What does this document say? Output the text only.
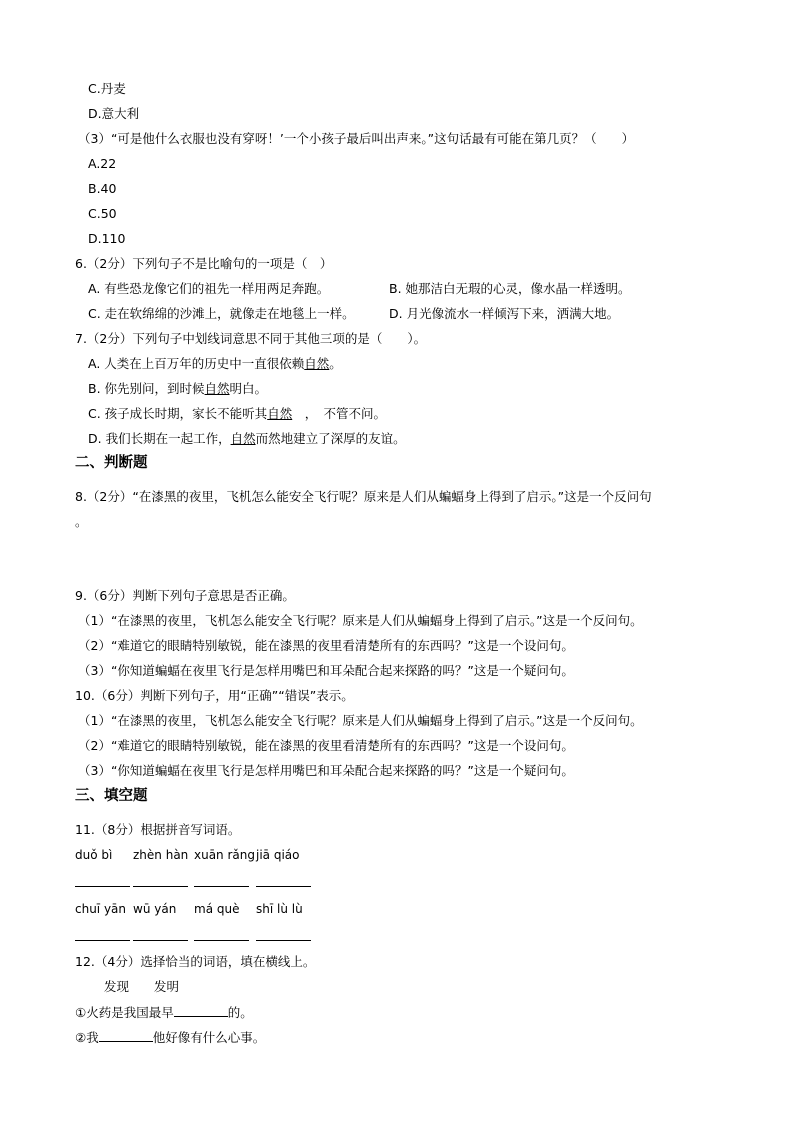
C.丹麦
D.意大利
（3）“可是他什么衣服也没有穿呀！’一个小孩子最后叫出声来。”这句话最有可能在第几页？（　　）
A.22
B.40
C.50
D.110
6.（2分）下列句子不是比喻句的一项是（　）
A. 有些恐龙像它们的祖先一样用两足奔跑。	B. 她那洁白无瑕的心灵，像水晶一样透明。
C. 走在软绵绵的沙滩上，就像走在地毯上一样。	D. 月光像流水一样倾泻下来，洒满大地。
7.（2分）下列句子中划线词意思不同于其他三项的是（　　）。
A. 人类在上百万年的历史中一直很依赖自然。
B. 你先别问，到时候自然明白。
C. 孩子成长时期，家长不能听其自然　，　不管不问。
D. 我们长期在一起工作，自然而然地建立了深厚的友谊。
二、判断题
8.（2分）“在漆黑的夜里，飞机怎么能安全飞行呢？原来是人们从蝙蝠身上得到了启示。”这是一个反问句
。
9.（6分）判断下列句子意思是否正确。
（1）“在漆黑的夜里，飞机怎么能安全飞行呢？原来是人们从蝙蝠身上得到了启示。”这是一个反问句。
（2）“难道它的眼睛特别敏锐，能在漆黑的夜里看清楚所有的东西吗？”这是一个设问句。
（3）“你知道蝙蝠在夜里飞行是怎样用嘴巴和耳朵配合起来探路的吗？”这是一个疑问句。
10.（6分）判断下列句子，用“正确”“错误”表示。
（1）“在漆黑的夜里，飞机怎么能安全飞行呢？原来是人们从蝙蝠身上得到了启示。”这是一个反问句。
（2）“难道它的眼睛特别敏锐，能在漆黑的夜里看清楚所有的东西吗？”这是一个设问句。
（3）“你知道蝙蝠在夜里飞行是怎样用嘴巴和耳朵配合起来探路的吗？”这是一个疑问句。
三、填空题
11.（8分）根据拼音写词语。
duǒ bì zhèn hàn xuān rǎng jiā qiáo
chuī yān wū yán má què shī lù lù
12.（4分）选择恰当的词语，填在横线上。
发现　　发明
①火药是我国最早	的。
②我	他好像有什么心事。
